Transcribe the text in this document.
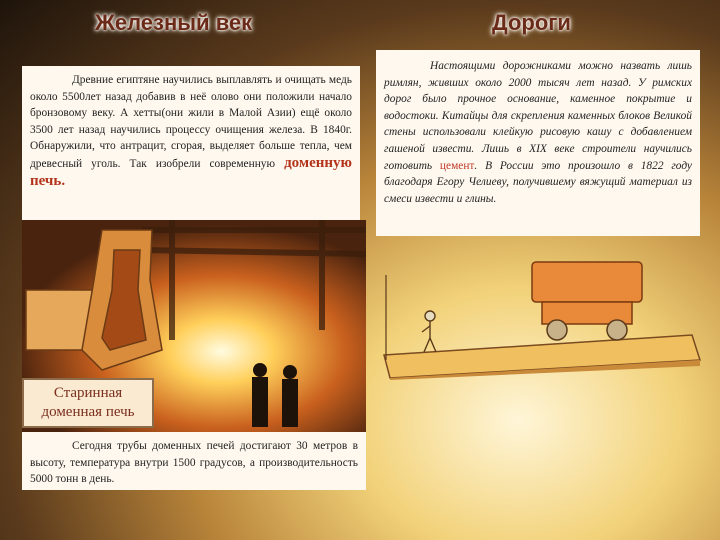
Железный век	Дороги
Древние египтяне научились выплавлять и очищать медь около 5500лет назад добавив в неё олово они положили начало бронзовому веку. А хетты(они жили в Малой Азии) ещё около 3500 лет назад научились процессу очищения железа. В 1840г. Обнаружили, что антрацит, сгорая, выделяет больше тепла, чем древесный уголь. Так изобрели современную доменную печь.
Старинная доменная печь
Сегодня трубы доменных печей достигают 30 метров в высоту, температура внутри 1500 градусов, а производительность 5000 тонн в день.
Настоящими дорожниками можно назвать лишь римлян, живших около 2000 тысяч лет назад. У римских дорог было прочное основание, каменное покрытие и водостоки. Китайцы для скрепления каменных блоков Великой стены использовали клейкую рисовую кашу с добавлением гашеной извести. Лишь в XIX веке строители научились готовить цемент. В России это произошло в 1822 году благодаря Егору Челиеву, получившему вяжущий материал из смеси извести и глины.
